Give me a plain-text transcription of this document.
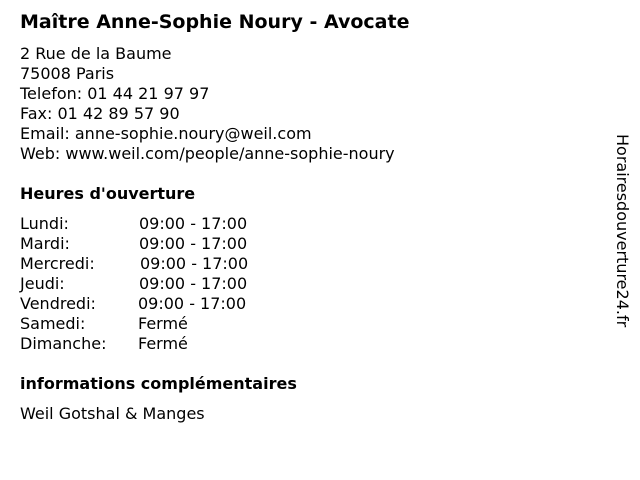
Maître Anne-Sophie Noury - Avocate
2 Rue de la Baume
75008 Paris
Telefon: 01 44 21 97 97
Fax: 01 42 89 57 90
Email: anne-sophie.noury@weil.com
Web: www.weil.com/people/anne-sophie-noury
Heures d'ouverture
Lundi:	09:00 - 17:00
Mardi:	09:00 - 17:00
Mercredi:	09:00 - 17:00
Jeudi:	09:00 - 17:00
Vendredi:	09:00 - 17:00
Samedi:	Fermé
Dimanche: Fermé
informations complémentaires
Weil Gotshal & Manges
Horairesdouverture24.fr
